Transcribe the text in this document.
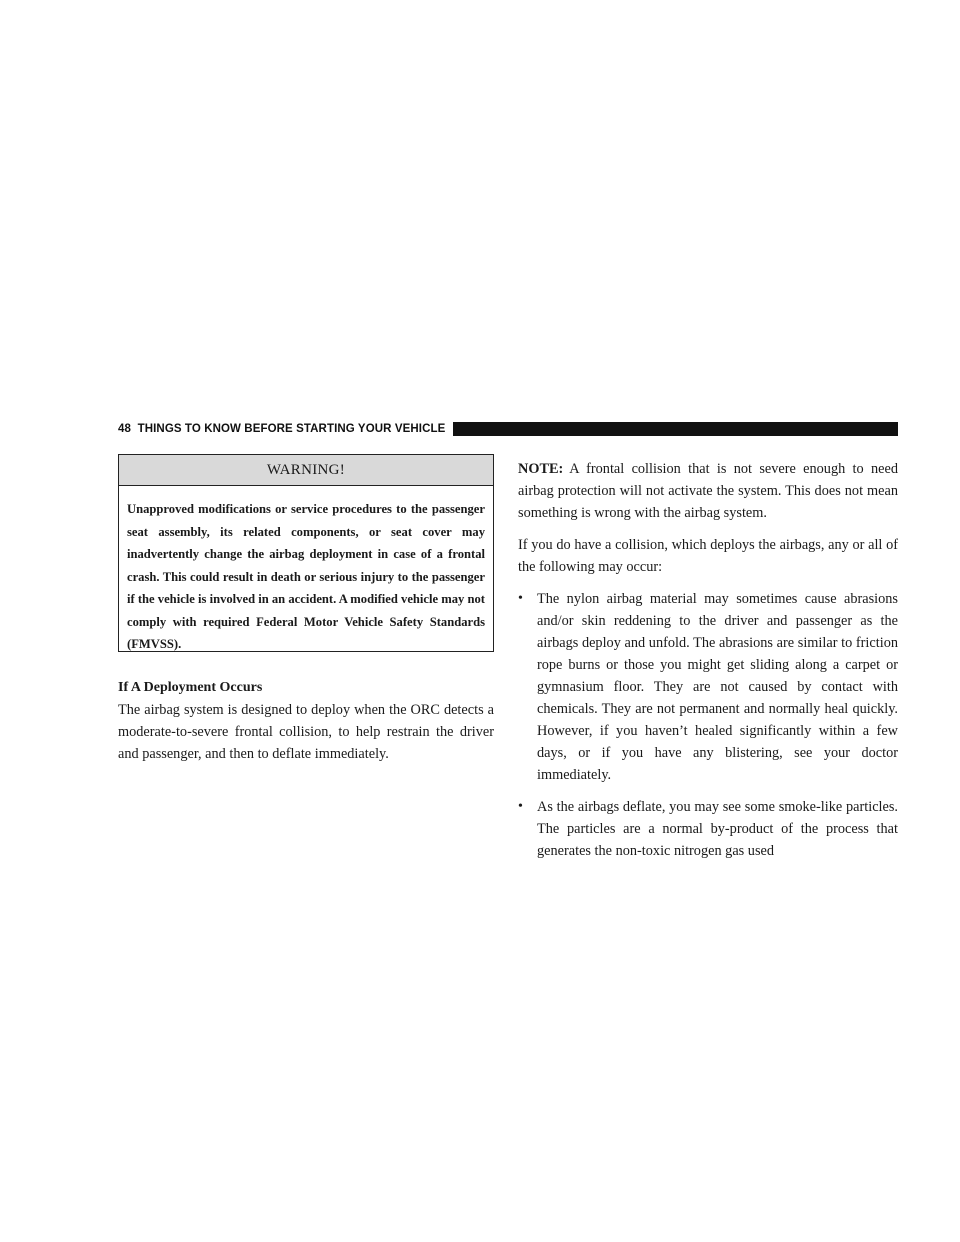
48 THINGS TO KNOW BEFORE STARTING YOUR VEHICLE
WARNING!
Unapproved modifications or service procedures to the passenger seat assembly, its related components, or seat cover may inadvertently change the airbag deployment in case of a frontal crash. This could result in death or serious injury to the passenger if the vehicle is involved in an accident. A modified vehicle may not comply with required Federal Motor Vehicle Safety Standards (FMVSS).
If A Deployment Occurs

The airbag system is designed to deploy when the ORC detects a moderate-to-severe frontal collision, to help restrain the driver and passenger, and then to deflate immediately.

NOTE: A frontal collision that is not severe enough to need airbag protection will not activate the system. This does not mean something is wrong with the airbag system.

If you do have a collision, which deploys the airbags, any or all of the following may occur:

• The nylon airbag material may sometimes cause abrasions and/or skin reddening to the driver and passenger as the airbags deploy and unfold. The abrasions are similar to friction rope burns or those you might get sliding along a carpet or gymnasium floor. They are not caused by contact with chemicals. They are not permanent and normally heal quickly. However, if you haven’t healed significantly within a few days, or if you have any blistering, see your doctor immediately.

• As the airbags deflate, you may see some smoke-like particles. The particles are a normal by-product of the process that generates the non-toxic nitrogen gas used
